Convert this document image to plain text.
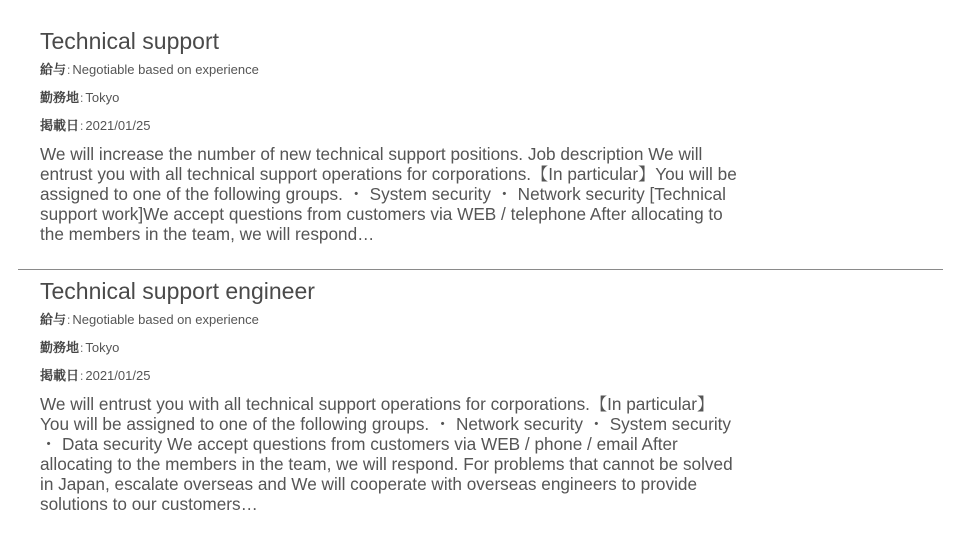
Technical support
給与: Negotiable based on experience
勤務地: Tokyo
掲載日: 2021/01/25
We will increase the number of new technical support positions. Job description We will entrust you with all technical support operations for corporations.【In particular】You will be assigned to one of the following groups. ・ System security ・ Network security [Technical support work]We accept questions from customers via WEB / telephone After allocating to the members in the team, we will respond…
Technical support engineer
給与: Negotiable based on experience
勤務地: Tokyo
掲載日: 2021/01/25
We will entrust you with all technical support operations for corporations.【In particular】You will be assigned to one of the following groups. ・ Network security ・ System security ・ Data security We accept questions from customers via WEB / phone / email After allocating to the members in the team, we will respond. For problems that cannot be solved in Japan, escalate overseas and We will cooperate with overseas engineers to provide solutions to our customers…
